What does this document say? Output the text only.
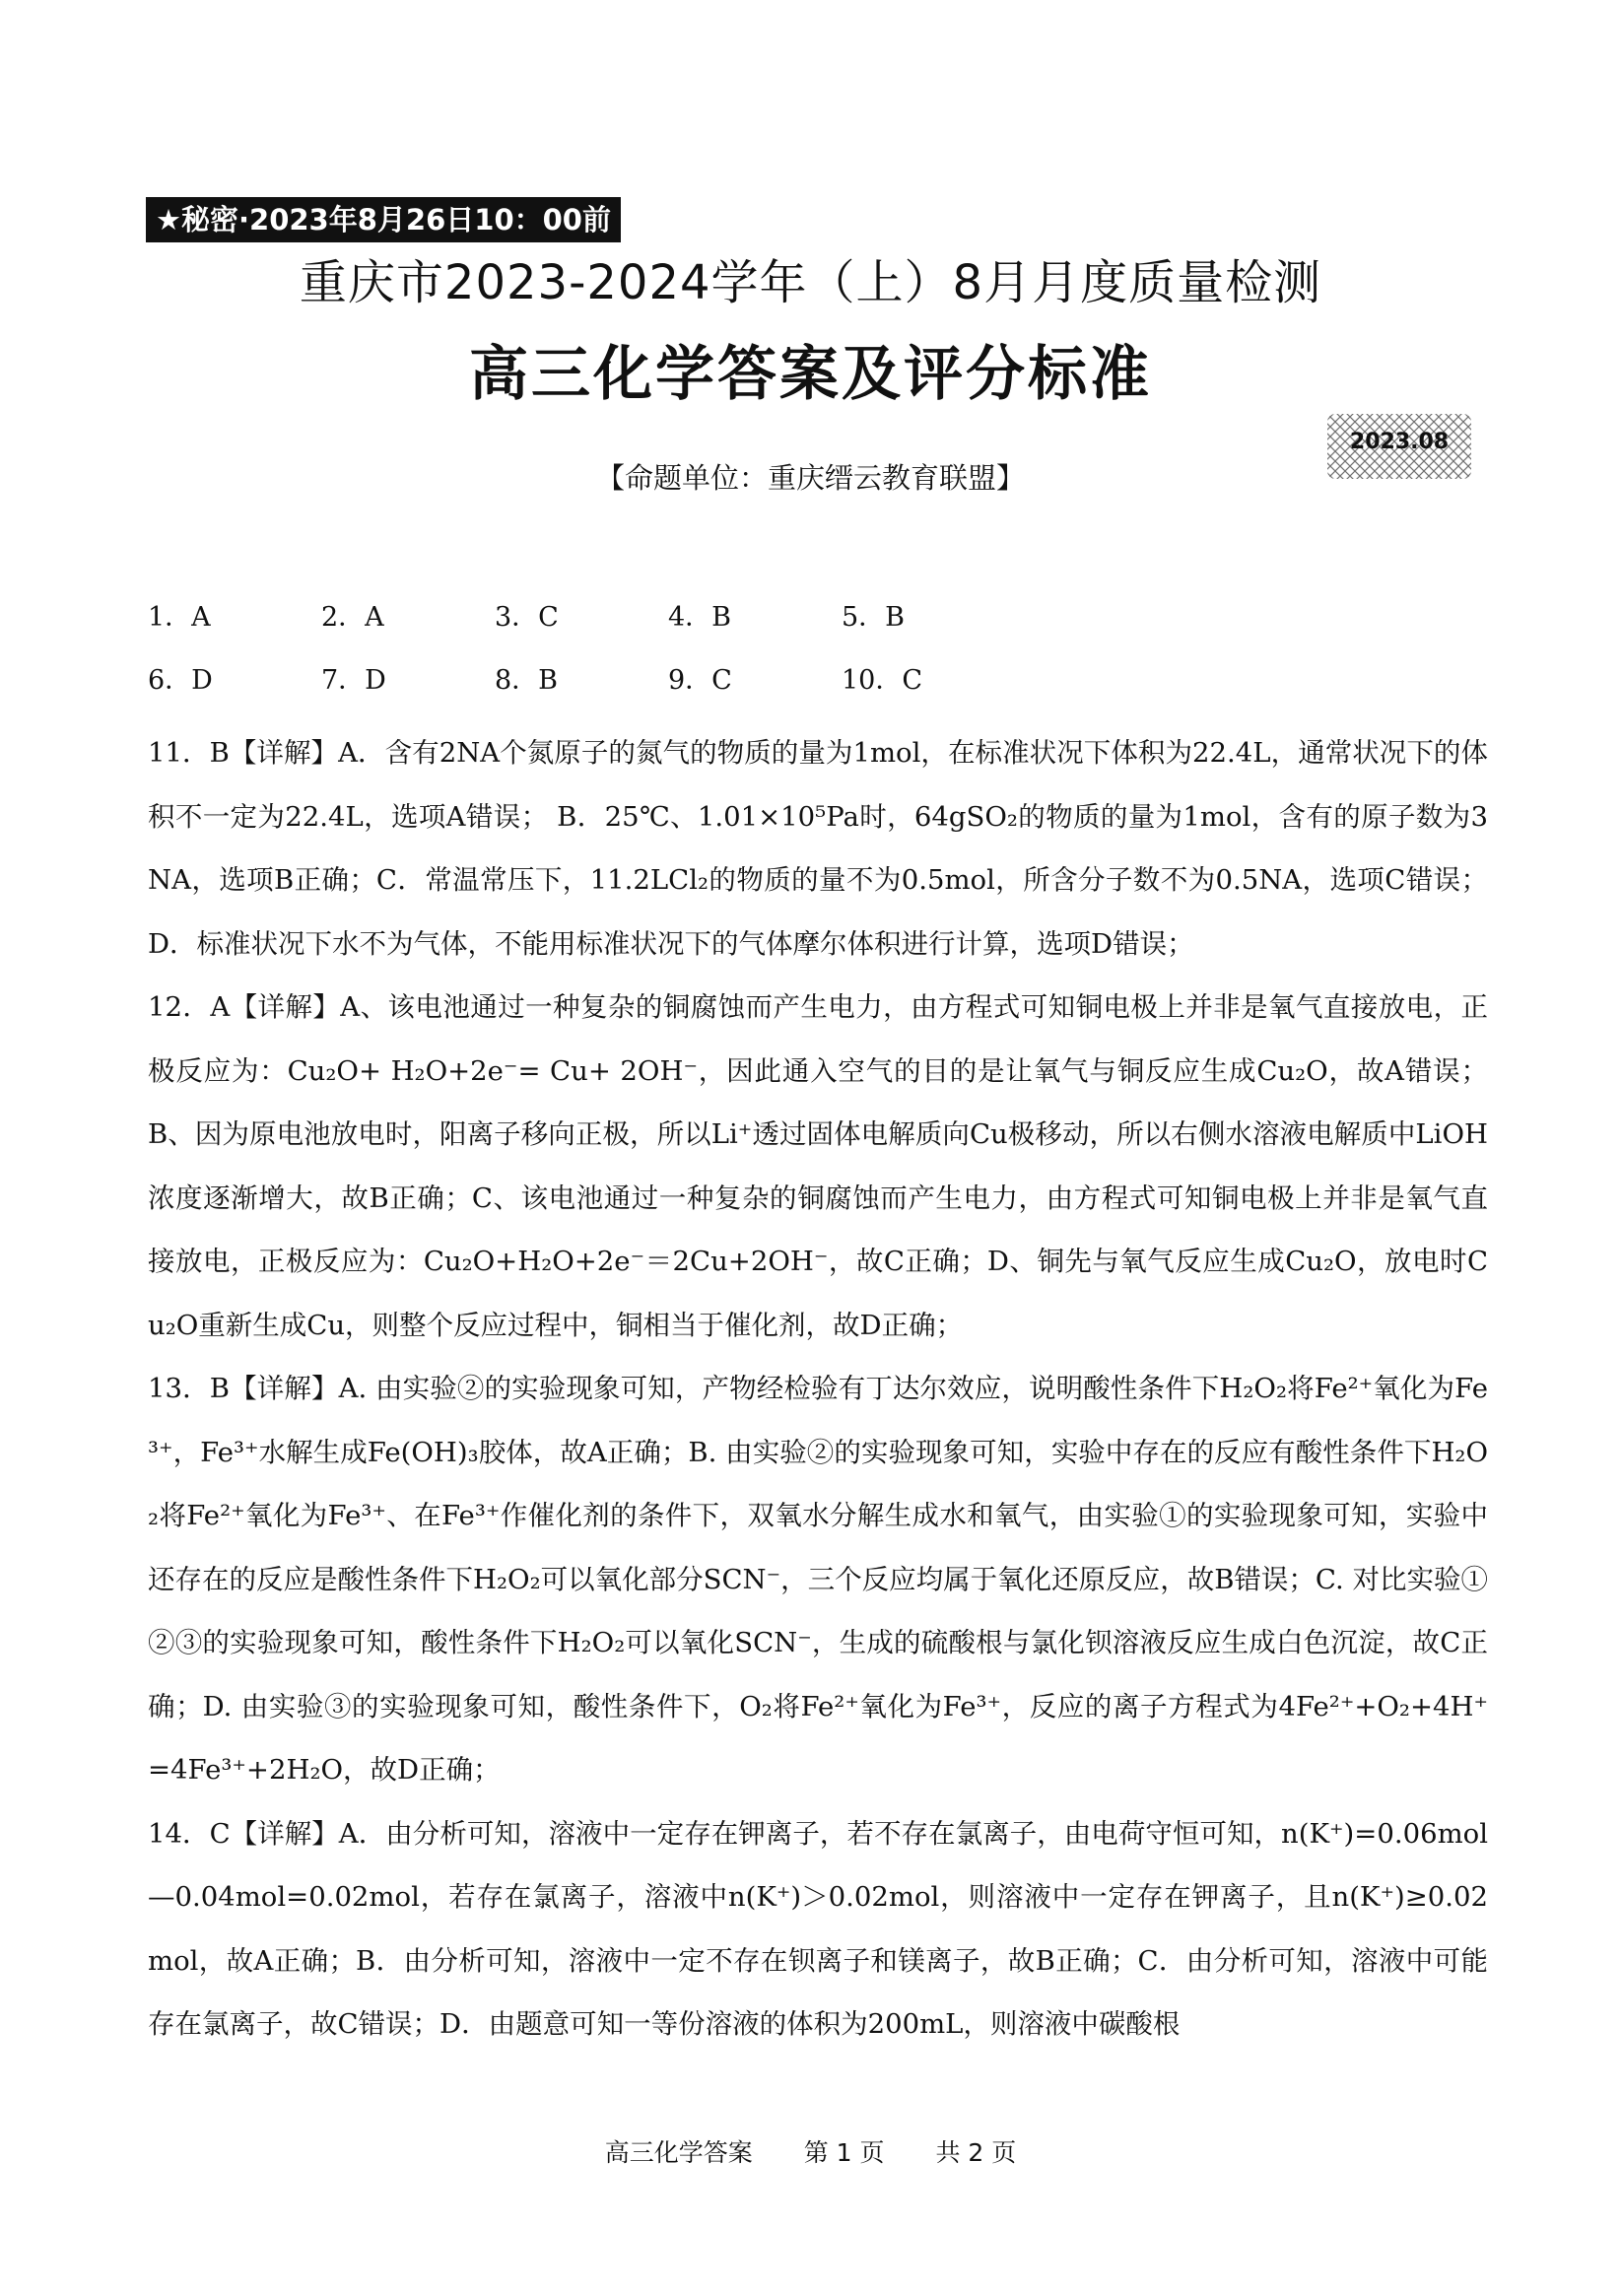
★秘密·2023年8月26日10：00前
重庆市2023-2024学年（上）8月月度质量检测
高三化学答案及评分标准
2023.08
【命题单位：重庆缙云教育联盟】
1．A	2．A	3．C	4．B	5．B
6．D	7．D	8．B	9．C	10．C

11．B【详解】A．含有2NA个氮原子的氮气的物质的量为1mol，在标准状况下体积为22.4L，通常状况下的体积不一定为22.4L，选项A错误； B．25℃、1.01×10⁵Pa时，64gSO₂的物质的量为1mol，含有的原子数为3NA，选项B正确；C．常温常压下，11.2LCl₂的物质的量不为0.5mol，所含分子数不为0.5NA，选项C错误；D．标准状况下水不为气体，不能用标准状况下的气体摩尔体积进行计算，选项D错误；

12．A【详解】A、该电池通过一种复杂的铜腐蚀而产生电力，由方程式可知铜电极上并非是氧气直接放电，正极反应为：Cu₂O+ H₂O+2e⁻= Cu+ 2OH⁻，因此通入空气的目的是让氧气与铜反应生成Cu₂O，故A错误；B、因为原电池放电时，阳离子移向正极，所以Li⁺透过固体电解质向Cu极移动，所以右侧水溶液电解质中LiOH浓度逐渐增大，故B正确；C、该电池通过一种复杂的铜腐蚀而产生电力，由方程式可知铜电极上并非是氧气直接放电，正极反应为：Cu₂O+H₂O+2e⁻＝2Cu+2OH⁻，故C正确；D、铜先与氧气反应生成Cu₂O，放电时Cu₂O重新生成Cu，则整个反应过程中，铜相当于催化剂，故D正确；

13．B【详解】A. 由实验②的实验现象可知，产物经检验有丁达尔效应，说明酸性条件下H₂O₂将Fe²⁺氧化为Fe³⁺，Fe³⁺水解生成Fe(OH)₃胶体，故A正确；B. 由实验②的实验现象可知，实验中存在的反应有酸性条件下H₂O₂将Fe²⁺氧化为Fe³⁺、在Fe³⁺作催化剂的条件下，双氧水分解生成水和氧气，由实验①的实验现象可知，实验中还存在的反应是酸性条件下H₂O₂可以氧化部分SCN⁻，三个反应均属于氧化还原反应，故B错误；C. 对比实验①②③的实验现象可知，酸性条件下H₂O₂可以氧化SCN⁻，生成的硫酸根与氯化钡溶液反应生成白色沉淀，故C正确；D. 由实验③的实验现象可知，酸性条件下，O₂将Fe²⁺氧化为Fe³⁺，反应的离子方程式为4Fe²⁺+O₂+4H⁺=4Fe³⁺+2H₂O，故D正确；

14．C【详解】A．由分析可知，溶液中一定存在钾离子，若不存在氯离子，由电荷守恒可知，n(K⁺)=0.06mol—0.04mol=0.02mol，若存在氯离子，溶液中n(K⁺)＞0.02mol，则溶液中一定存在钾离子，且n(K⁺)≥0.02mol，故A正确；B．由分析可知，溶液中一定不存在钡离子和镁离子，故B正确；C．由分析可知，溶液中可能存在氯离子，故C错误；D．由题意可知一等份溶液的体积为200mL，则溶液中碳酸根

高三化学答案 第 1 页 共 2 页
